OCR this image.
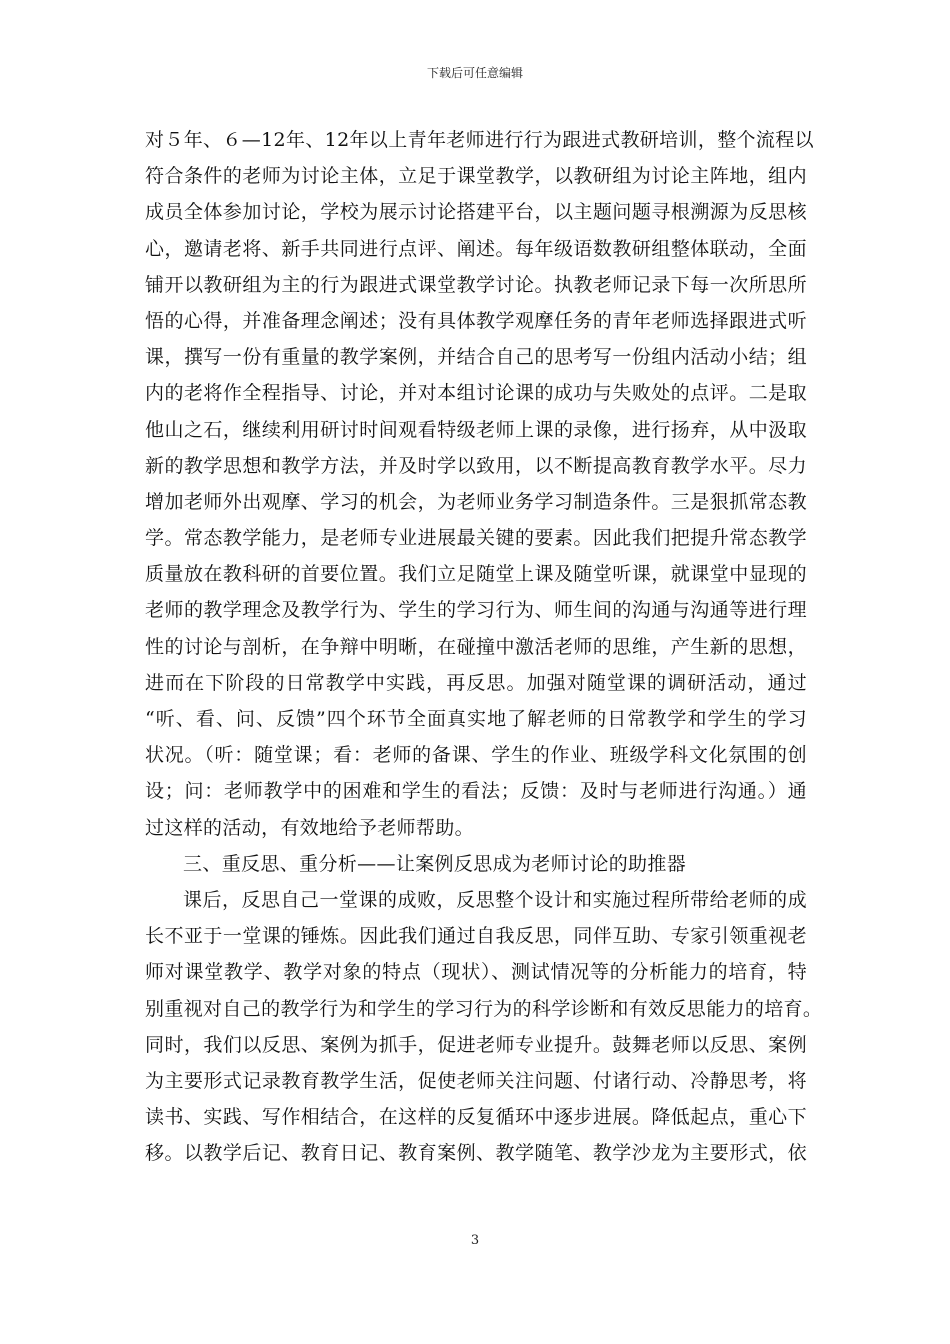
下载后可任意编辑
对５年、６—12年、12年以上青年老师进行行为跟进式教研培训，整个流程以
符合条件的老师为讨论主体，立足于课堂教学，以教研组为讨论主阵地，组内
成员全体参加讨论，学校为展示讨论搭建平台，以主题问题寻根溯源为反思核
心，邀请老将、新手共同进行点评、阐述。每年级语数教研组整体联动，全面
铺开以教研组为主的行为跟进式课堂教学讨论。执教老师记录下每一次所思所
悟的心得，并准备理念阐述；没有具体教学观摩任务的青年老师选择跟进式听
课，撰写一份有重量的教学案例，并结合自己的思考写一份组内活动小结；组
内的老将作全程指导、讨论，并对本组讨论课的成功与失败处的点评。二是取
他山之石，继续利用研讨时间观看特级老师上课的录像，进行扬弃，从中汲取
新的教学思想和教学方法，并及时学以致用，以不断提高教育教学水平。尽力
增加老师外出观摩、学习的机会，为老师业务学习制造条件。三是狠抓常态教
学。常态教学能力，是老师专业进展最关键的要素。因此我们把提升常态教学
质量放在教科研的首要位置。我们立足随堂上课及随堂听课，就课堂中显现的
老师的教学理念及教学行为、学生的学习行为、师生间的沟通与沟通等进行理
性的讨论与剖析，在争辩中明晰，在碰撞中激活老师的思维，产生新的思想，
进而在下阶段的日常教学中实践，再反思。加强对随堂课的调研活动，通过
“听、看、问、反馈”四个环节全面真实地了解老师的日常教学和学生的学习
状况。（听：随堂课；看：老师的备课、学生的作业、班级学科文化氛围的创
设；问：老师教学中的困难和学生的看法；反馈：及时与老师进行沟通。）通
过这样的活动，有效地给予老师帮助。
三、重反思、重分析——让案例反思成为老师讨论的助推器
课后，反思自己一堂课的成败，反思整个设计和实施过程所带给老师的成
长不亚于一堂课的锤炼。因此我们通过自我反思，同伴互助、专家引领重视老
师对课堂教学、教学对象的特点（现状）、测试情况等的分析能力的培育，特
别重视对自己的教学行为和学生的学习行为的科学诊断和有效反思能力的培育。
同时，我们以反思、案例为抓手，促进老师专业提升。鼓舞老师以反思、案例
为主要形式记录教育教学生活，促使老师关注问题、付诸行动、冷静思考，将
读书、实践、写作相结合，在这样的反复循环中逐步进展。降低起点，重心下
移。以教学后记、教育日记、教育案例、教学随笔、教学沙龙为主要形式，依
3
